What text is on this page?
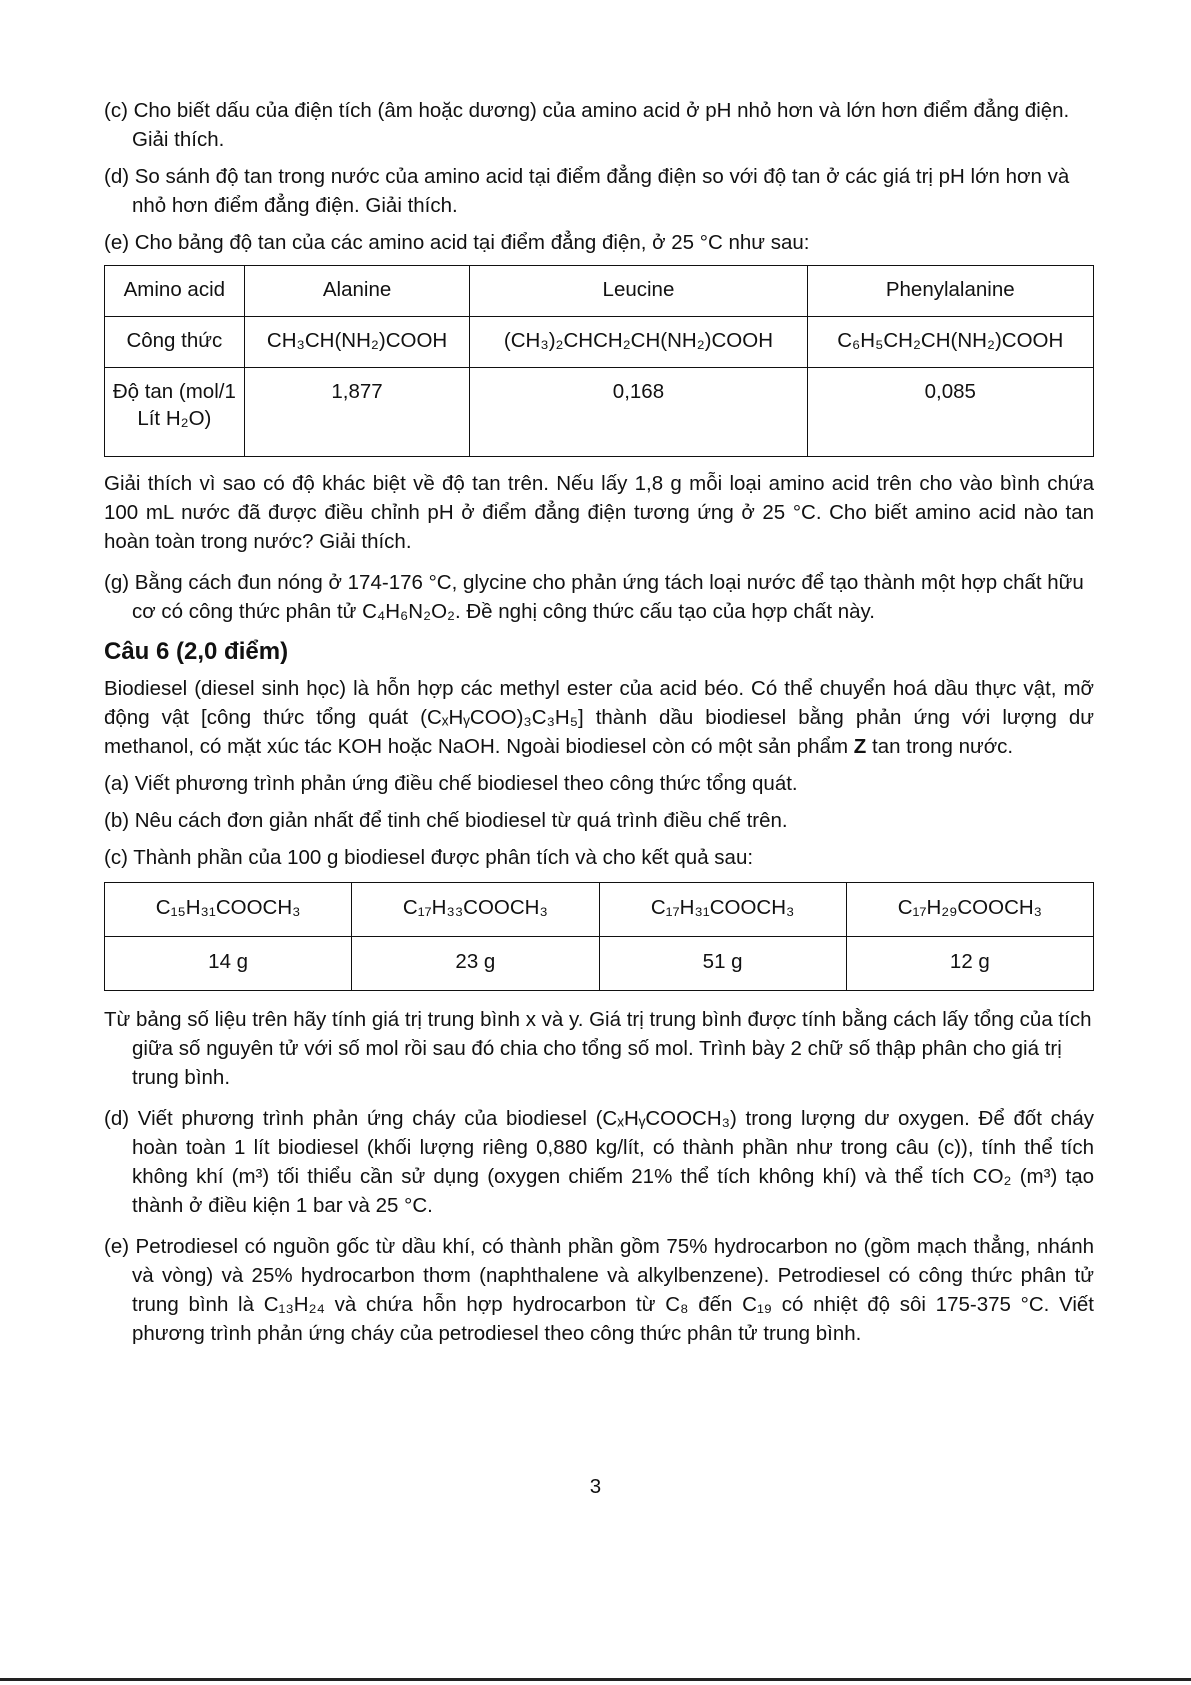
(c) Cho biết dấu của điện tích (âm hoặc dương) của amino acid ở pH nhỏ hơn và lớn hơn điểm đẳng điện. Giải thích.

(d) So sánh độ tan trong nước của amino acid tại điểm đẳng điện so với độ tan ở các giá trị pH lớn hơn và nhỏ hơn điểm đẳng điện. Giải thích.

(e) Cho bảng độ tan của các amino acid tại điểm đẳng điện, ở 25 °C như sau:

Amino acid	Alanine	Leucine	Phenylalanine
Công thức	CH₃CH(NH₂)COOH	(CH₃)₂CHCH₂CH(NH₂)COOH	C₆H₅CH₂CH(NH₂)COOH
Độ tan (mol/1 Lít H₂O)	1,877	0,168	0,085

Giải thích vì sao có độ khác biệt về độ tan trên. Nếu lấy 1,8 g mỗi loại amino acid trên cho vào bình chứa 100 mL nước đã được điều chỉnh pH ở điểm đẳng điện tương ứng ở 25 °C. Cho biết amino acid nào tan hoàn toàn trong nước? Giải thích.

(g) Bằng cách đun nóng ở 174-176 °C, glycine cho phản ứng tách loại nước để tạo thành một hợp chất hữu cơ có công thức phân tử C₄H₆N₂O₂. Đề nghị công thức cấu tạo của hợp chất này.

Câu 6 (2,0 điểm)

Biodiesel (diesel sinh học) là hỗn hợp các methyl ester của acid béo. Có thể chuyển hoá dầu thực vật, mỡ động vật [công thức tổng quát (CₓHᵧCOO)₃C₃H₅] thành dầu biodiesel bằng phản ứng với lượng dư methanol, có mặt xúc tác KOH hoặc NaOH. Ngoài biodiesel còn có một sản phẩm Z tan trong nước.

(a) Viết phương trình phản ứng điều chế biodiesel theo công thức tổng quát.

(b) Nêu cách đơn giản nhất để tinh chế biodiesel từ quá trình điều chế trên.

(c) Thành phần của 100 g biodiesel được phân tích và cho kết quả sau:

C₁₅H₃₁COOCH₃	C₁₇H₃₃COOCH₃	C₁₇H₃₁COOCH₃	C₁₇H₂₉COOCH₃
14 g	23 g	51 g	12 g

Từ bảng số liệu trên hãy tính giá trị trung bình x và y. Giá trị trung bình được tính bằng cách lấy tổng của tích giữa số nguyên tử với số mol rồi sau đó chia cho tổng số mol. Trình bày 2 chữ số thập phân cho giá trị trung bình.

(d) Viết phương trình phản ứng cháy của biodiesel (CₓHᵧCOOCH₃) trong lượng dư oxygen. Để đốt cháy hoàn toàn 1 lít biodiesel (khối lượng riêng 0,880 kg/lít, có thành phần như trong câu (c)), tính thể tích không khí (m³) tối thiểu cần sử dụng (oxygen chiếm 21% thể tích không khí) và thể tích CO₂ (m³) tạo thành ở điều kiện 1 bar và 25 °C.

(e) Petrodiesel có nguồn gốc từ dầu khí, có thành phần gồm 75% hydrocarbon no (gồm mạch thẳng, nhánh và vòng) và 25% hydrocarbon thơm (naphthalene và alkylbenzene). Petrodiesel có công thức phân tử trung bình là C₁₃H₂₄ và chứa hỗn hợp hydrocarbon từ C₈ đến C₁₉ có nhiệt độ sôi 175-375 °C. Viết phương trình phản ứng cháy của petrodiesel theo công thức phân tử trung bình.

3
